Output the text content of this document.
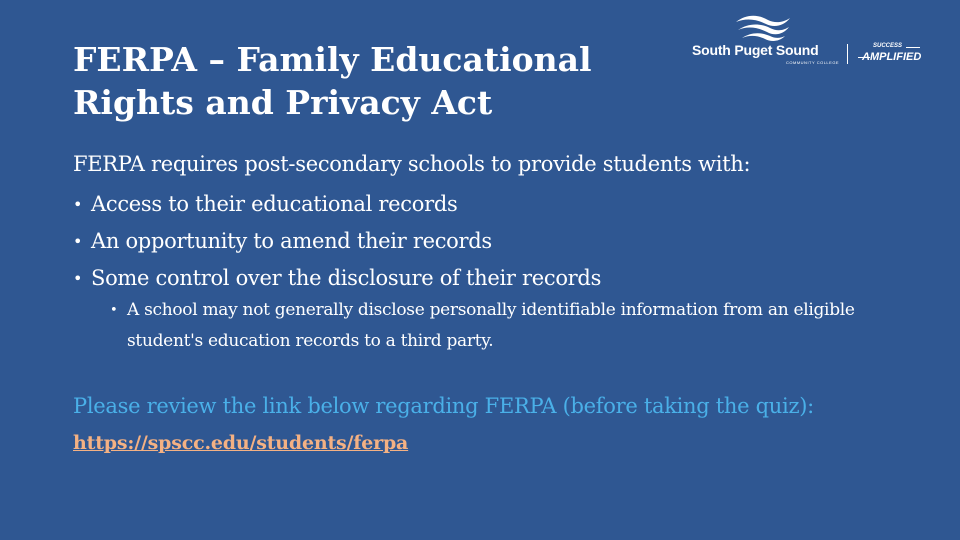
FERPA – Family Educational Rights and Privacy Act
South Puget Sound
COMMUNITY COLLEGE
SUCCESS
AMPLIFIED

FERPA requires post-secondary schools to provide students with:

• Access to their educational records
• An opportunity to amend their records
• Some control over the disclosure of their records
• A school may not generally disclose personally identifiable information from an eligible student's education records to a third party.

Please review the link below regarding FERPA (before taking the quiz):

https://spscc.edu/students/ferpa
